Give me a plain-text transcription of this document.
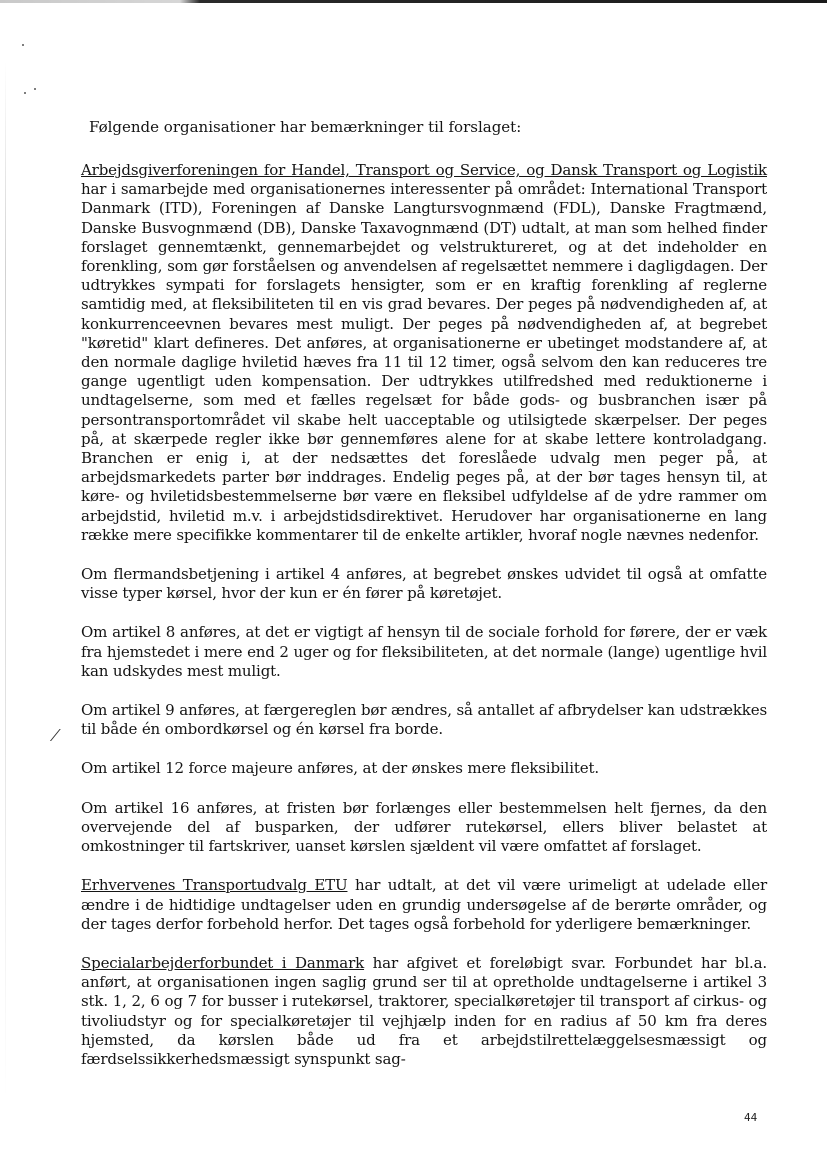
⁄

Følgende organisationer har bemærkninger til forslaget:

Arbejdsgiverforeningen for Handel, Transport og Service, og Dansk Transport og Logistik har i samarbejde med organisationernes interessenter på området: International Transport Danmark (ITD), Foreningen af Danske Langtursvognmænd (FDL), Danske Fragtmænd, Danske Busvognmænd (DB), Danske Taxavognmænd (DT) udtalt, at man som helhed finder forslaget gennemtænkt, gennemarbejdet og velstruktureret, og at det indeholder en forenkling, som gør forståelsen og anvendelsen af regelsættet nemmere i dagligdagen. Der udtrykkes sympati for forslagets hensigter, som er en kraftig forenkling af reglerne samtidig med, at fleksibiliteten til en vis grad bevares. Der peges på nødvendigheden af, at konkurrenceevnen bevares mest muligt. Der peges på nødvendigheden af, at begrebet "køretid" klart defineres. Det anføres, at organisationerne er ubetinget modstandere af, at den normale daglige hviletid hæves fra 11 til 12 timer, også selvom den kan reduceres tre gange ugentligt uden kompensation. Der udtrykkes utilfredshed med reduktionerne i undtagelserne, som med et fælles regelsæt for både gods- og busbranchen især på persontransportområdet vil skabe helt uacceptable og utilsigtede skærpelser. Der peges på, at skærpede regler ikke bør gennemføres alene for at skabe lettere kontroladgang. Branchen er enig i, at der nedsættes det foreslåede udvalg men peger på, at arbejdsmarkedets parter bør inddrages. Endelig peges på, at der bør tages hensyn til, at køre- og hviletidsbestemmelserne bør være en fleksibel udfyldelse af de ydre rammer om arbejdstid, hviletid m.v. i arbejdstidsdirektivet. Herudover har organisationerne en lang række mere specifikke kommentarer til de enkelte artikler, hvoraf nogle nævnes nedenfor.

Om flermandsbetjening i artikel 4 anføres, at begrebet ønskes udvidet til også at omfatte visse typer kørsel, hvor der kun er én fører på køretøjet.

Om artikel 8 anføres, at det er vigtigt af hensyn til de sociale forhold for førere, der er væk fra hjemstedet i mere end 2 uger og for fleksibiliteten, at det normale (lange) ugentlige hvil kan udskydes mest muligt.

Om artikel 9 anføres, at færgereglen bør ændres, så antallet af afbrydelser kan udstrækkes til både én ombordkørsel og én kørsel fra borde.

Om artikel 12 force majeure anføres, at der ønskes mere fleksibilitet.

Om artikel 16 anføres, at fristen bør forlænges eller bestemmelsen helt fjernes, da den overvejende del af busparken, der udfører rutekørsel, ellers bliver belastet at omkostninger til fartskriver, uanset kørslen sjældent vil være omfattet af forslaget.

Erhvervenes Transportudvalg ETU har udtalt, at det vil være urimeligt at udelade eller ændre i de hidtidige undtagelser uden en grundig undersøgelse af de berørte områder, og der tages derfor forbehold herfor. Det tages også forbehold for yderligere bemærkninger.

Specialarbejderforbundet i Danmark har afgivet et foreløbigt svar. Forbundet har bl.a. anført, at organisationen ingen saglig grund ser til at opretholde undtagelserne i artikel 3 stk. 1, 2, 6 og 7 for busser i rutekørsel, traktorer, specialkøretøjer til transport af cirkus- og tivoliudstyr og for specialkøretøjer til vejhjælp inden for en radius af 50 km fra deres hjemsted, da kørslen både ud fra et arbejdstilrettelæggelsesmæssigt og færdselssikkerhedsmæssigt synspunkt sag-

44
